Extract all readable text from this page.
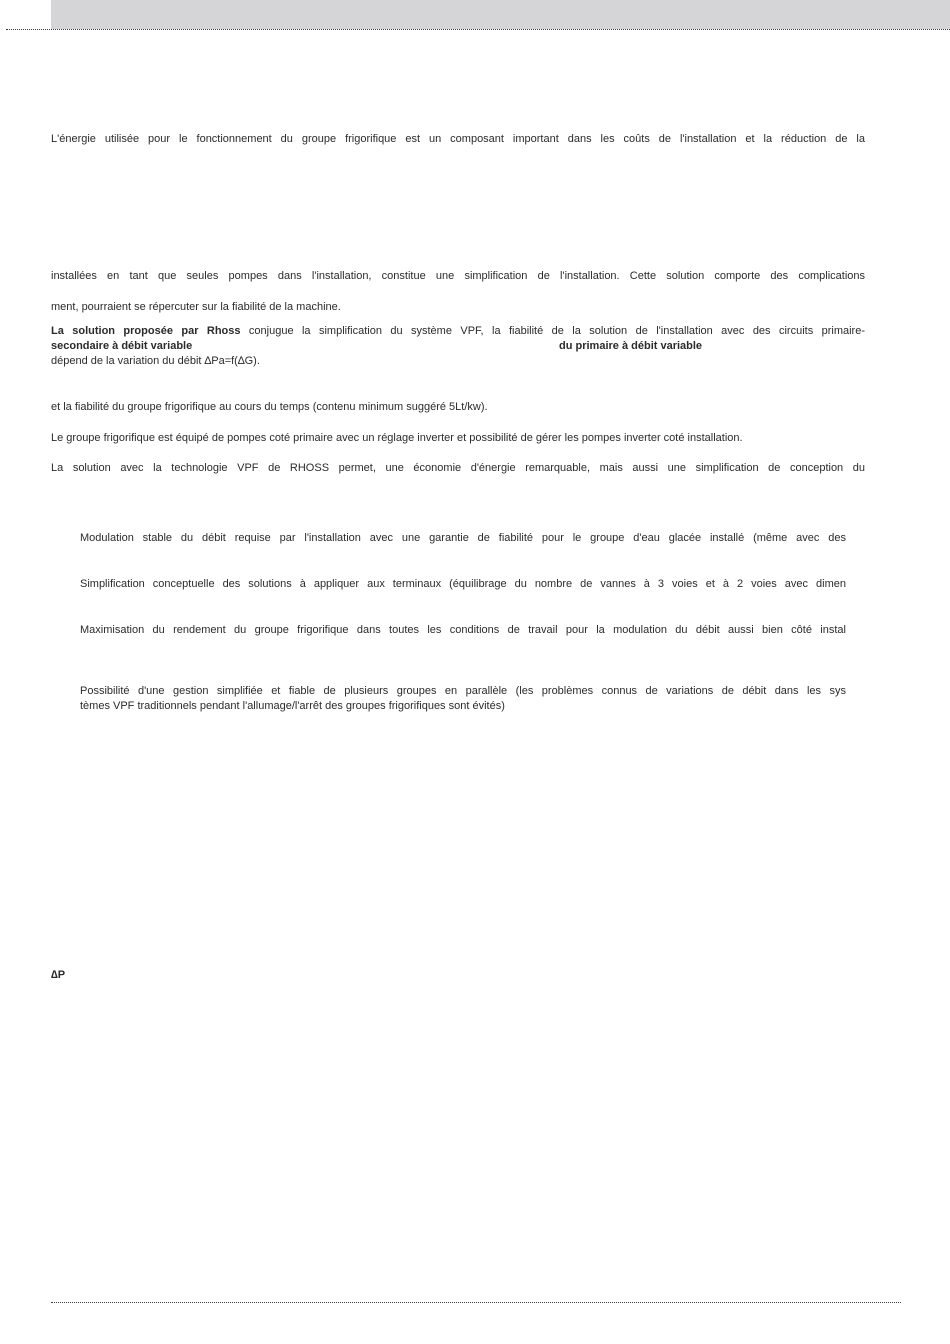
L'énergie utilisée pour le fonctionnement du groupe frigorifique est un composant important dans les coûts de l'installation et la réduction de la
installées en tant que seules pompes dans l'installation, constitue une simplification de l'installation. Cette solution comporte des complications
ment, pourraient se répercuter sur la fiabilité de la machine.
La solution proposée par Rhoss conjugue la simplification du système VPF, la fiabilité de la solution de l'installation avec des circuits primaire-
secondaire à débit variable	du primaire à débit variable
dépend de la variation du débit ∆Pa=f(∆G).
et la fiabilité du groupe frigorifique au cours du temps (contenu minimum suggéré 5Lt/kw).
Le groupe frigorifique est équipé de pompes coté primaire avec un réglage inverter et possibilité de gérer les pompes inverter coté installation.
La solution avec la technologie VPF de RHOSS permet, une économie d'énergie remarquable, mais aussi une simplification de conception du
Modulation stable du débit requise par l'installation avec une garantie de fiabilité pour le groupe d'eau glacée installé (même avec des
Simplification conceptuelle des solutions à appliquer aux terminaux (équilibrage du nombre de vannes à 3 voies et à 2 voies avec dimen
Maximisation du rendement du groupe frigorifique dans toutes les conditions de travail pour la modulation du débit aussi bien côté instal
Possibilité d'une gestion simplifiée et fiable de plusieurs groupes en parallèle (les problèmes connus de variations de débit dans les sys
tèmes VPF traditionnels pendant l'allumage/l'arrêt des groupes frigorifiques sont évités)
∆P
